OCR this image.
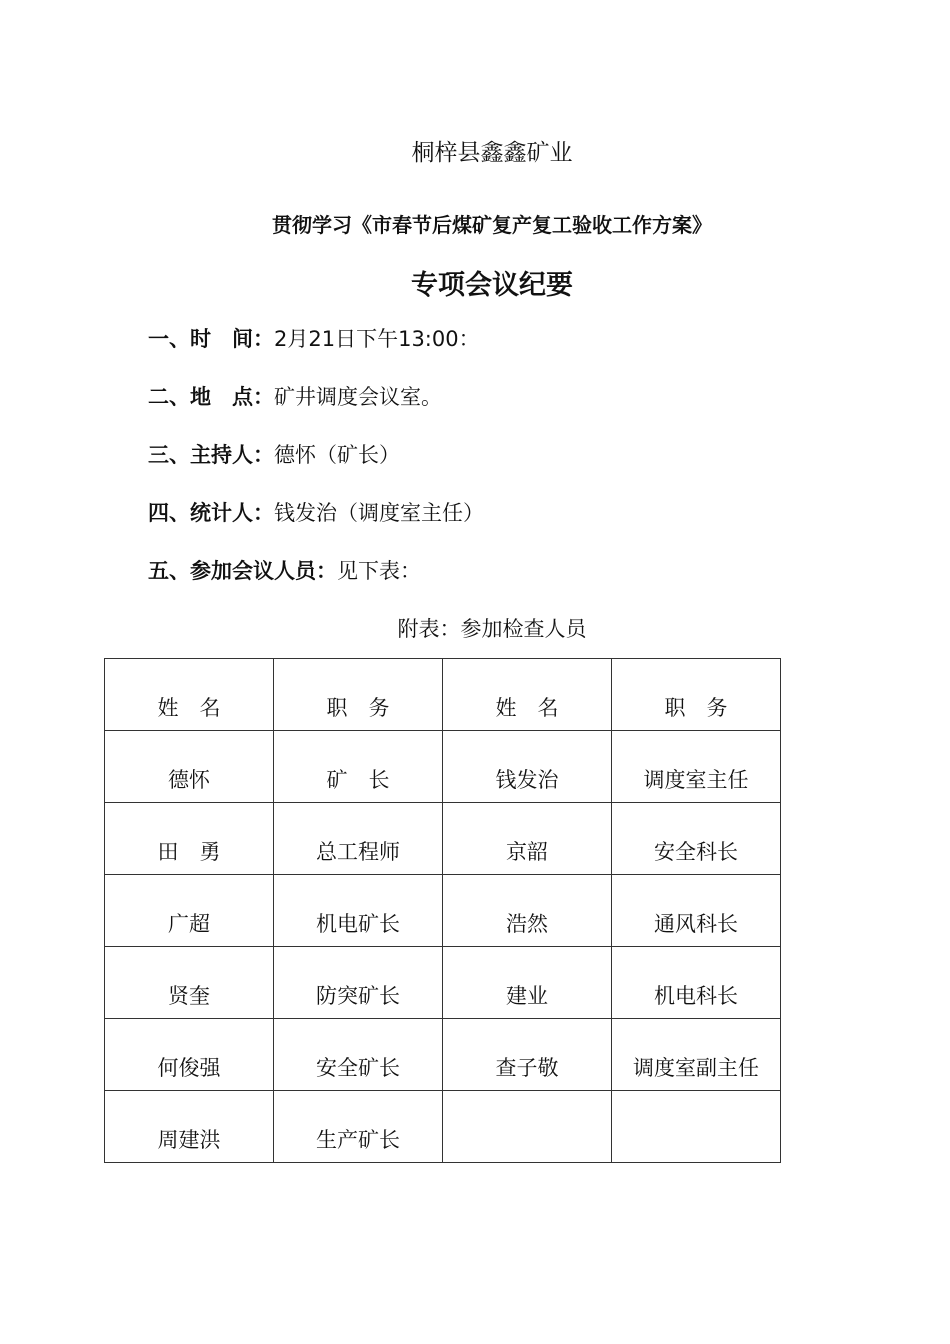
桐梓县鑫鑫矿业
贯彻学习《市春节后煤矿复产复工验收工作方案》
专项会议纪要
一、时　间：2月21日下午13:00：
二、地　点：矿井调度会议室。
三、主持人：德怀（矿长）
四、统计人：钱发治（调度室主任）
五、参加会议人员：见下表：
附表：参加检查人员
姓　名	职　务	姓　名	职　务
德怀	矿　长	钱发治	调度室主任
田　勇	总工程师	京韶	安全科长
广超	机电矿长	浩然	通风科长
贤奎	防突矿长	建业	机电科长
何俊强	安全矿长	查子敬	调度室副主任
周建洪	生产矿长		
